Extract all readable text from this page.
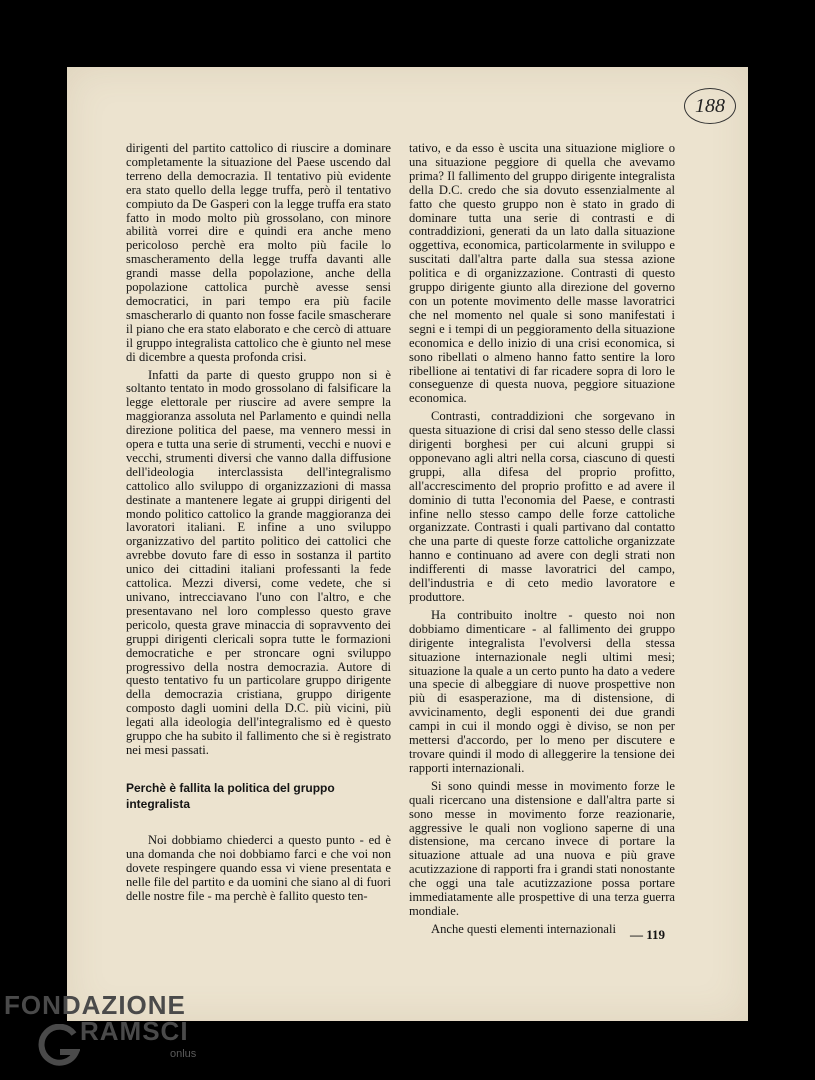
188

dirigenti del partito cattolico di riuscire a dominare completamente la situazione del Paese uscendo dal terreno della democrazia. Il tentativo più evidente era stato quello della legge truffa, però il tentativo compiuto da De Gasperi con la legge truffa era stato fatto in modo molto più grossolano, con minore abilità vorrei dire e quindi era anche meno pericoloso perchè era molto più facile lo smascheramento della legge truffa davanti alle grandi masse della popolazione, anche della popolazione cattolica purchè avesse sensi democratici, in pari tempo era più facile smascherarlo di quanto non fosse facile smascherare il piano che era stato elaborato e che cercò di attuare il gruppo integralista cattolico che è giunto nel mese di dicembre a questa profonda crisi.

Infatti da parte di questo gruppo non si è soltanto tentato in modo grossolano di falsificare la legge elettorale per riuscire ad avere sempre la maggioranza assoluta nel Parlamento e quindi nella direzione politica del paese, ma vennero messi in opera e tutta una serie di strumenti, vecchi e nuovi e vecchi, strumenti diversi che vanno dalla diffusione dell'ideologia interclassista dell'integralismo cattolico allo sviluppo di organizzazioni di massa destinate a mantenere legate ai gruppi dirigenti del mondo politico cattolico la grande maggioranza dei lavoratori italiani. E infine a uno sviluppo organizzativo del partito politico dei cattolici che avrebbe dovuto fare di esso in sostanza il partito unico dei cittadini italiani professanti la fede cattolica. Mezzi diversi, come vedete, che si univano, intrecciavano l'uno con l'altro, e che presentavano nel loro complesso questo grave pericolo, questa grave minaccia di sopravvento dei gruppi dirigenti clericali sopra tutte le formazioni democratiche e per stroncare ogni sviluppo progressivo della nostra democrazia. Autore di questo tentativo fu un particolare gruppo dirigente della democrazia cristiana, gruppo dirigente composto dagli uomini della D.C. più vicini, più legati alla ideologia dell'integralismo ed è questo gruppo che ha subito il fallimento che si è registrato nei mesi passati.

Perchè è fallita la politica del gruppo integralista

Noi dobbiamo chiederci a questo punto - ed è una domanda che noi dobbiamo farci e che voi non dovete respingere quando essa vi viene presentata e nelle file del partito e da uomini che siano al di fuori delle nostre file - ma perchè è fallito questo ten-

tativo, e da esso è uscita una situazione migliore o una situazione peggiore di quella che avevamo prima? Il fallimento del gruppo dirigente integralista della D.C. credo che sia dovuto essenzialmente al fatto che questo gruppo non è stato in grado di dominare tutta una serie di contrasti e di contraddizioni, generati da un lato dalla situazione oggettiva, economica, particolarmente in sviluppo e suscitati dall'altra parte dalla sua stessa azione politica e di organizzazione. Contrasti di questo gruppo dirigente giunto alla direzione del governo con un potente movimento delle masse lavoratrici che nel momento nel quale si sono manifestati i segni e i tempi di un peggioramento della situazione economica e dello inizio di una crisi economica, si sono ribellati o almeno hanno fatto sentire la loro ribellione ai tentativi di far ricadere sopra di loro le conseguenze di questa nuova, peggiore situazione economica.

Contrasti, contraddizioni che sorgevano in questa situazione di crisi dal seno stesso delle classi dirigenti borghesi per cui alcuni gruppi si opponevano agli altri nella corsa, ciascuno di questi gruppi, alla difesa del proprio profitto, all'accrescimento del proprio profitto e ad avere il dominio di tutta l'economia del Paese, e contrasti infine nello stesso campo delle forze cattoliche organizzate. Contrasti i quali partivano dal contatto che una parte di queste forze cattoliche organizzate hanno e continuano ad avere con degli strati non indifferenti di masse lavoratrici del campo, dell'industria e di ceto medio lavoratore e produttore.

Ha contribuito inoltre - questo noi non dobbiamo dimenticare - al fallimento dei gruppo dirigente integralista l'evolversi della stessa situazione internazionale negli ultimi mesi; situazione la quale a un certo punto ha dato a vedere una specie di albeggiare di nuove prospettive non più di esasperazione, ma di distensione, di avvicinamento, degli esponenti dei due grandi campi in cui il mondo oggi è diviso, se non per mettersi d'accordo, per lo meno per discutere e trovare quindi il modo di alleggerire la tensione dei rapporti internazionali.

Si sono quindi messe in movimento forze le quali ricercano una distensione e dall'altra parte si sono messe in movimento forze reazionarie, aggressive le quali non vogliono saperne di una distensione, ma cercano invece di portare la situazione attuale ad una nuova e più grave acutizzazione di rapporti fra i grandi stati nonostante che oggi una tale acutizzazione possa portare immediatamente alle prospettive di una terza guerra mondiale.

Anche questi elementi internazionali	— 119
FONDAZIONE
RAMSCI
onlus
